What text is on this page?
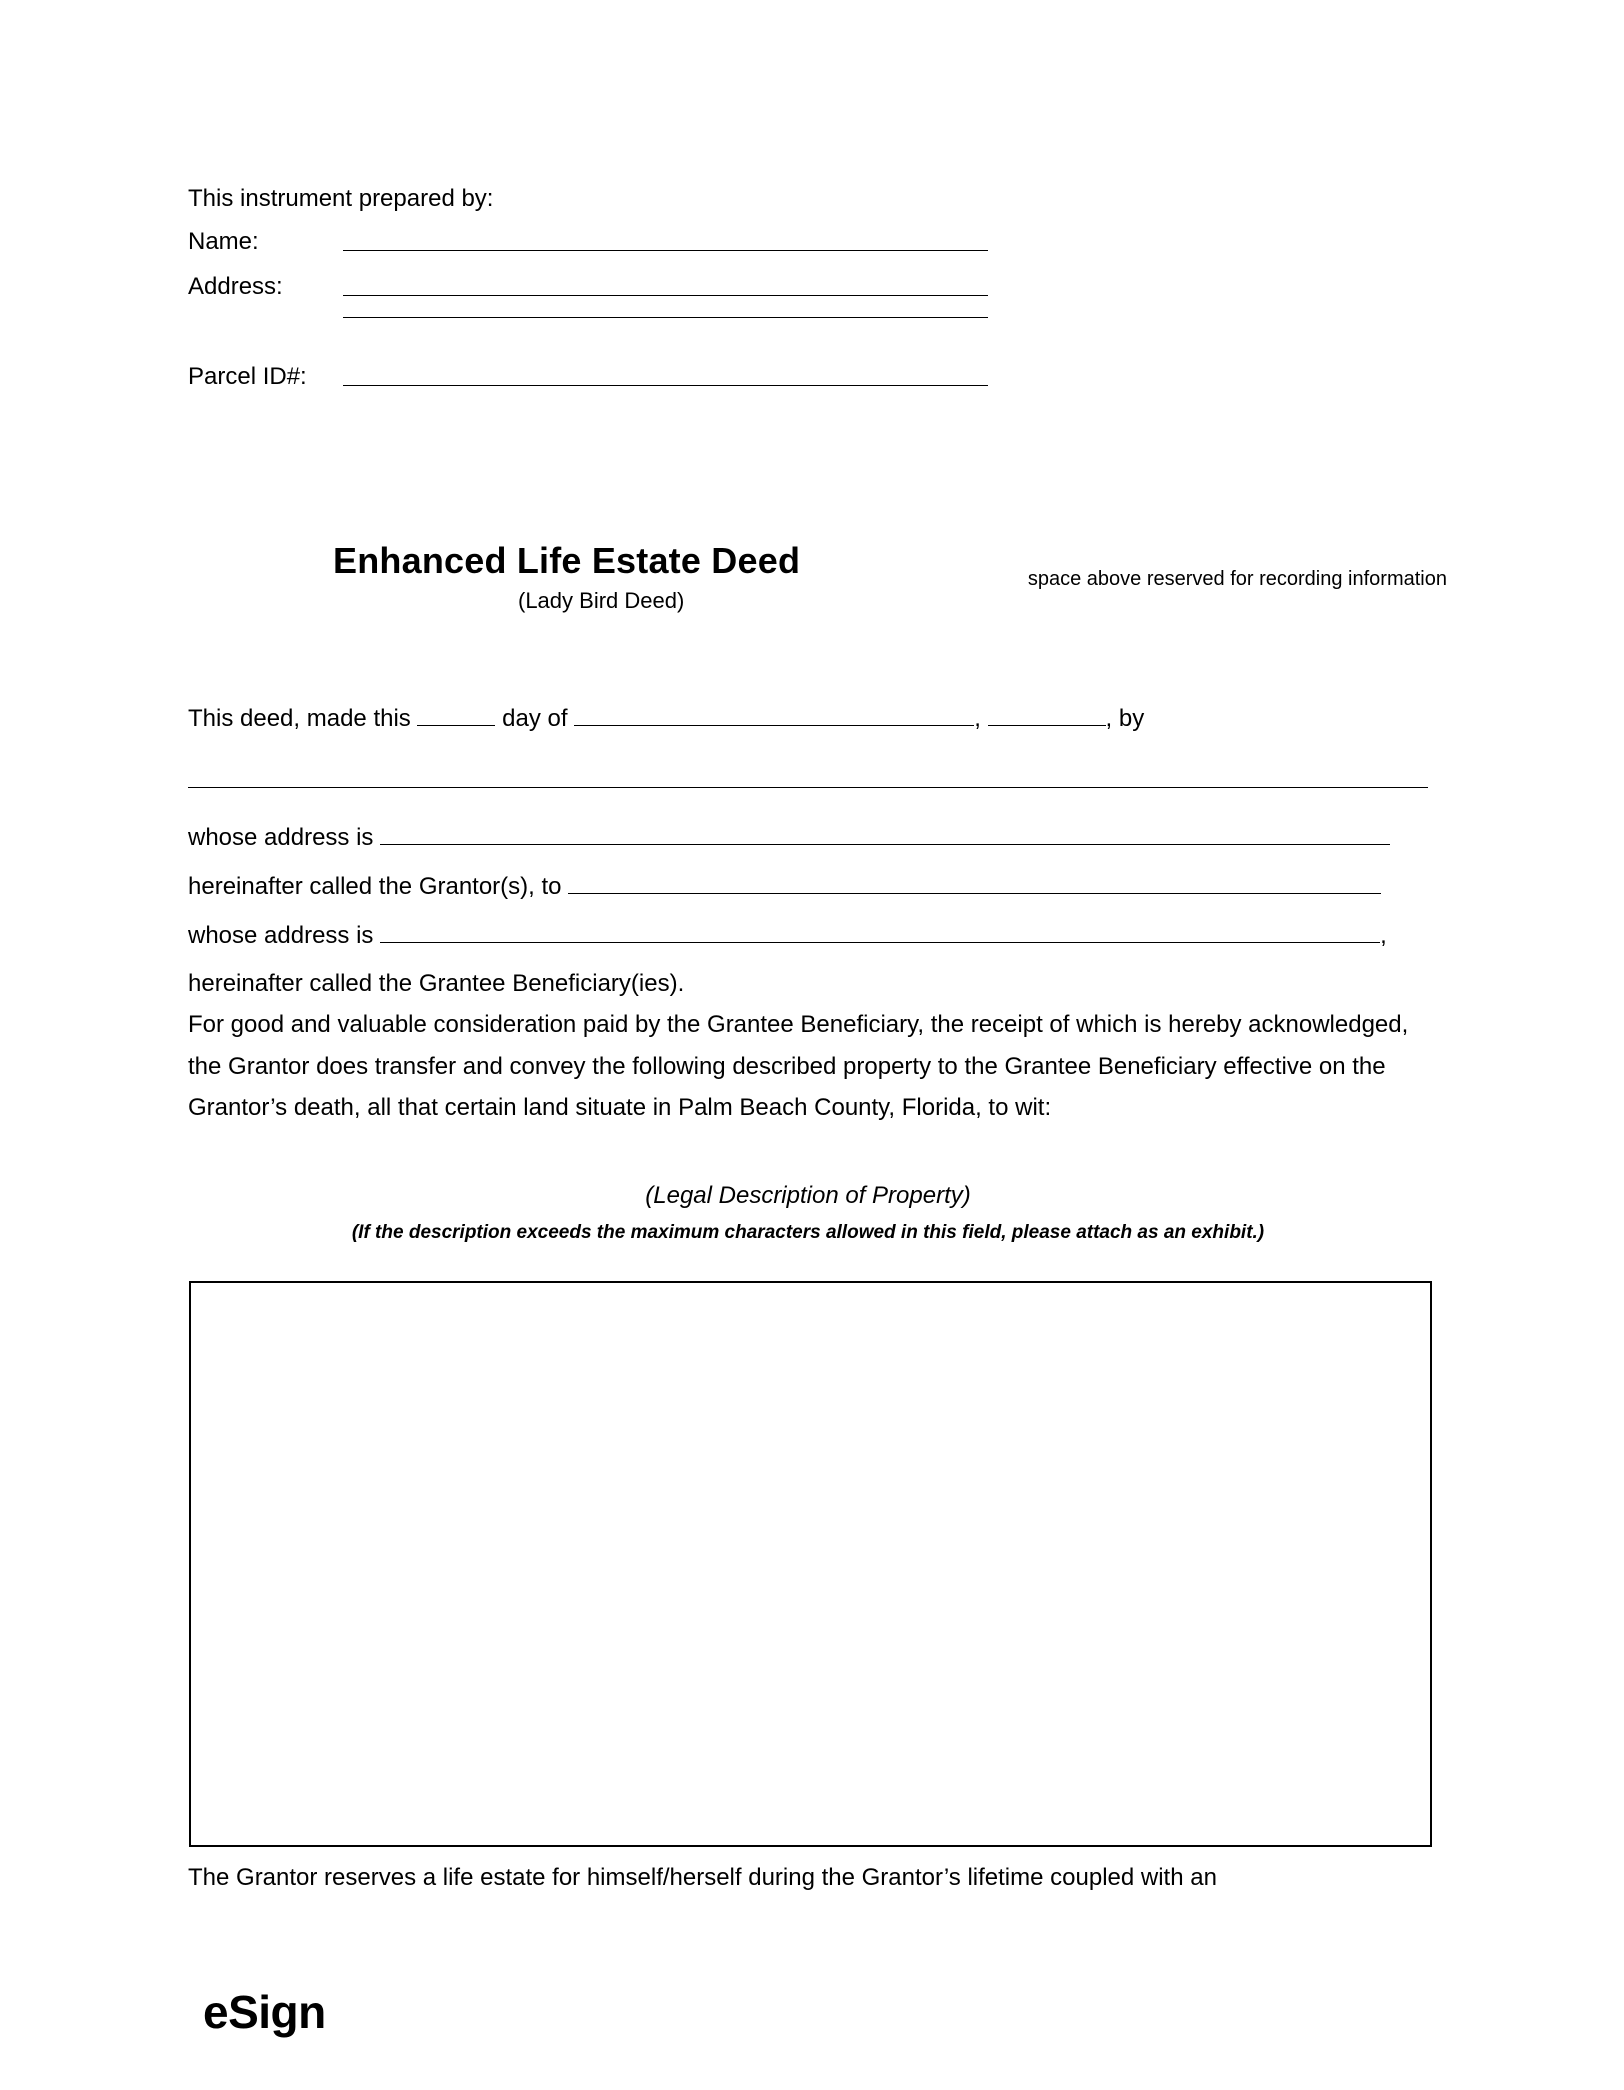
This instrument prepared by:
Name:
Address:
Parcel ID#:
Enhanced Life Estate Deed

(Lady Bird Deed)

space above reserved for recording information
This deed, made this	day of	,	, by
whose address is
hereinafter called the Grantor(s), to
whose address is	,
hereinafter called the Grantee Beneficiary(ies).

For good and valuable consideration paid by the Grantee Beneficiary, the receipt of which is hereby acknowledged, the Grantor does transfer and convey the following described property to the Grantee Beneficiary effective on the Grantor’s death, all that certain land situate in Palm Beach County, Florida, to wit:

(Legal Description of Property)
(If the description exceeds the maximum characters allowed in this field, please attach as an exhibit.)
The Grantor reserves a life estate for himself/herself during the Grantor’s lifetime coupled with an
eSign
